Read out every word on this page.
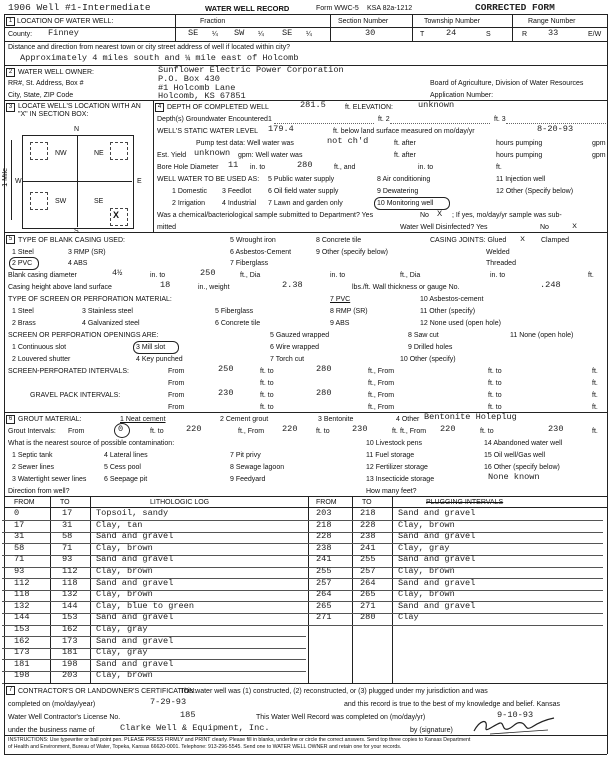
1906 Well #1-Intermediate	WATER WELL RECORD	Form WWC-5 KSA 82a-1212	CORRECTED FORM
1 LOCATION OF WATER WELL:	Fraction	Section Number	Township Number	Range Number
County: Finney	SE ¼ SW ¼ SE ¼	30	T	24	S	R 33	E/W
Distance and direction from nearest town or city street address of well if located within city?
Approximately 4 miles south and ¼ mile east of Holcomb
2 WATER WELL OWNER:	Sunflower Electric Power Corporation
RR#, St. Address, Box #	P.O. Box 430
#1 Holcomb Lane
City, State, ZIP Code	Holcomb, KS 67851
Board of Agriculture, Division of Water Resources
Application Number:
3 LOCATE WELL'S LOCATION WITH AN "X" IN SECTION BOX:
N
S
E
W
1 Mile
NW	NE
SW	SE
X
4 DEPTH OF COMPLETED WELL	281.5	ft. ELEVATION:	unknown
Depth(s) Groundwater Encountered 1	ft. 2	ft. 3
WELL'S STATIC WATER LEVEL 179.4	ft. below land surface measured on mo/day/yr	8-20-93
Pump test data: Well water was	not ch'd	ft. after	hours pumping	gpm
Est. Yield unknown gpm: Well water was	ft. after	hours pumping	gpm
Bore Hole Diameter 11 in. to	280	ft., and	in. to	ft.
WELL WATER TO BE USED AS: 5 Public water supply	8 Air conditioning	11 Injection well
1 Domestic 3 Feedlot 6 Oil field water supply	9 Dewatering	12 Other (Specify below)
2 Irrigation 4 Industrial 7 Lawn and garden only	10 Monitoring well
Was a chemical/bacteriological sample submitted to Department? Yes	No X ; If yes, mo/day/yr sample was sub-
mitted	Water Well Disinfected? Yes	No	x
5 TYPE OF BLANK CASING USED:	5 Wrought iron	8 Concrete tile	CASING JOINTS: Glued x Clamped
1 Steel	3 RMP (SR)	6 Asbestos-Cement	9 Other (specify below)	Welded
2 PVC	4 ABS	7 Fiberglass	Threaded
Blank casing diameter	4½	in. to	250	ft., Dia	in. to	ft., Dia	in. to	ft.
Casing height above land surface	18	in., weight	2.38	lbs./ft. Wall thickness or gauge No.	.248
TYPE OF SCREEN OR PERFORATION MATERIAL:	7 PVC	10 Asbestos-cement
1 Steel	3 Stainless steel	5 Fiberglass	8 RMP (SR)	11 Other (specify)
2 Brass	4 Galvanized steel	6 Concrete tile	9 ABS	12 None used (open hole)
SCREEN OR PERFORATION OPENINGS ARE:	5 Gauzed wrapped	8 Saw cut	11 None (open hole)
1 Continuous slot	3 Mill slot	6 Wire wrapped	9 Drilled holes
2 Louvered shutter	4 Key punched	7 Torch cut	10 Other (specify)
SCREEN-PERFORATED INTERVALS:	From	250	ft. to	280	ft., From	ft. to	ft.
From	ft. to	ft., From	ft. to	ft.
GRAVEL PACK INTERVALS:	From	230	ft. to	280	ft., From	ft. to	ft.
From	ft. to	ft., From	ft. to	ft.
6 GROUT MATERIAL:	1 Neat cement	2 Cement grout	3 Bentonite	4 Other Bentonite Holeplug
Grout Intervals: From	0	ft. to	220	ft., From 220	ft. to	230	ft. ft., From 220	ft. to	230	ft.
What is the nearest source of possible contamination:
1 Septic tank	4 Lateral lines	7 Pit privy
10 Livestock pens
11 Fuel storage
14 Abandoned water well
15 Oil well/Gas well
2 Sewer lines	5 Cess pool	8 Sewage lagoon	12 Fertilizer storage	16 Other (specify below)
3 Watertight sewer lines	6 Seepage pit	9 Feedyard	13 Insecticide storage	None known
Direction from well?	How many feet?
FROM	TO	LITHOLOGIC LOG	FROM	TO	PLUGGING INTERVALS
0	17	Topsoil, sandy
17	31	Clay, tan
31	58	Sand and gravel
58	71	Clay, brown
71	93	Sand and gravel
93	112 Clay, brown
112	118 Sand and gravel
118	132 Clay, brown
132	144 Clay, blue to green
144	153 Sand and gravel
153	162 Clay, gray
162	173 Sand and gravel
173	181 Clay, gray
181	198 Sand and gravel
198	203 Clay, brown
203	218	Sand and gravel
218	228	Clay, brown
228	238	Sand and gravel
238	241	Clay, gray
241	255	Sand and gravel
255	257	Clay, brown
257	264	Sand and gravel
264	265	Clay, brown
265	271	Sand and gravel
271	280	Clay
7 CONTRACTOR'S OR LANDOWNER'S CERTIFICATION:
This water well was (1) constructed, (2) reconstructed, or (3) plugged under my jurisdiction and was
completed on (mo/day/year)	7-29-93	and this record is true to the best of my knowledge and belief. Kansas
Water Well Contractor's License No.	185	This Water Well Record was completed on (mo/day/yr)	9-10-93
under the business name of	Clarke Well & Equipment, Inc.	by (signature)
INSTRUCTIONS: Use typewriter or ball point pen. PLEASE PRESS FIRMLY and PRINT clearly. Please fill in blanks, underline or circle the correct answers. Send top three copies to Kansas Department
of Health and Environment, Bureau of Water, Topeka, Kansas 66620-0001. Telephone: 913-296-5545. Send one to WATER WELL OWNER and retain one for your records.
